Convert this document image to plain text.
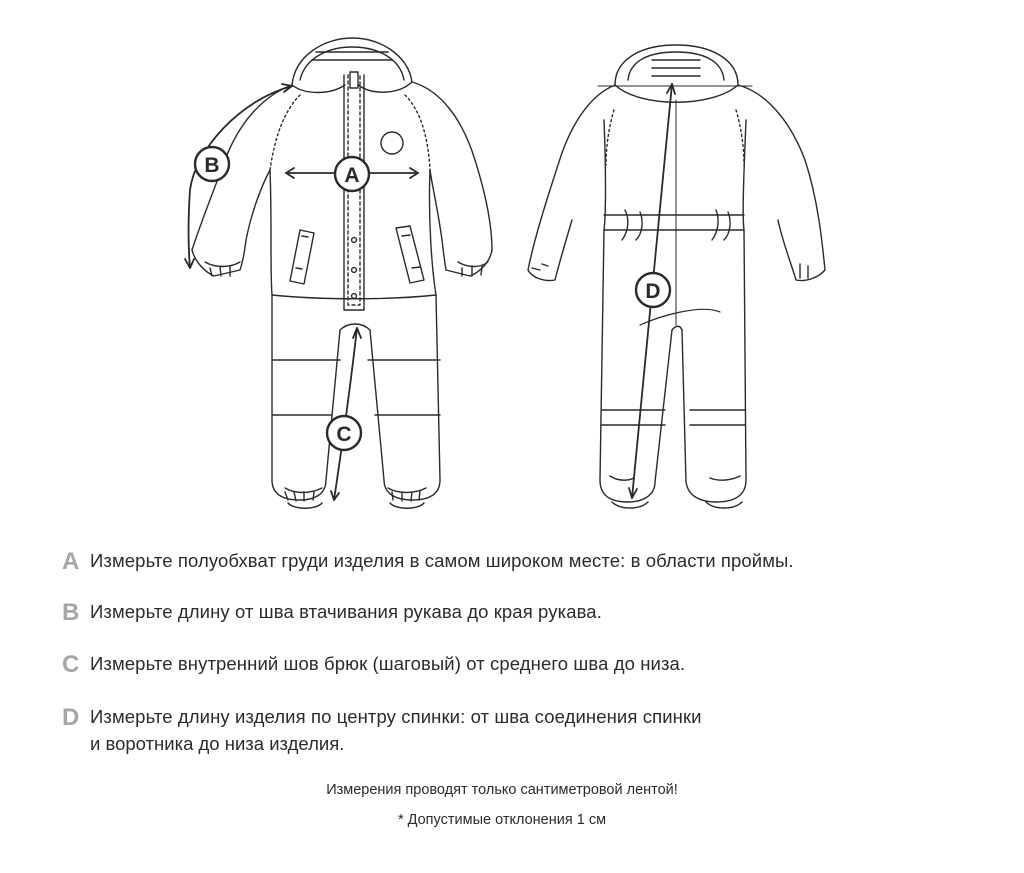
A
B
C
D
A Измерьте полуобхват груди изделия в самом широком месте: в области проймы.
B Измерьте длину от шва втачивания рукава до края рукава.
C Измерьте внутренний шов брюк (шаговый) от среднего шва до низа.
D Измерьте длину изделия по центру спинки: от шва соединения спинки
и воротника до низа изделия.
Измерения проводят только сантиметровой лентой!
* Допустимые отклонения 1 см
